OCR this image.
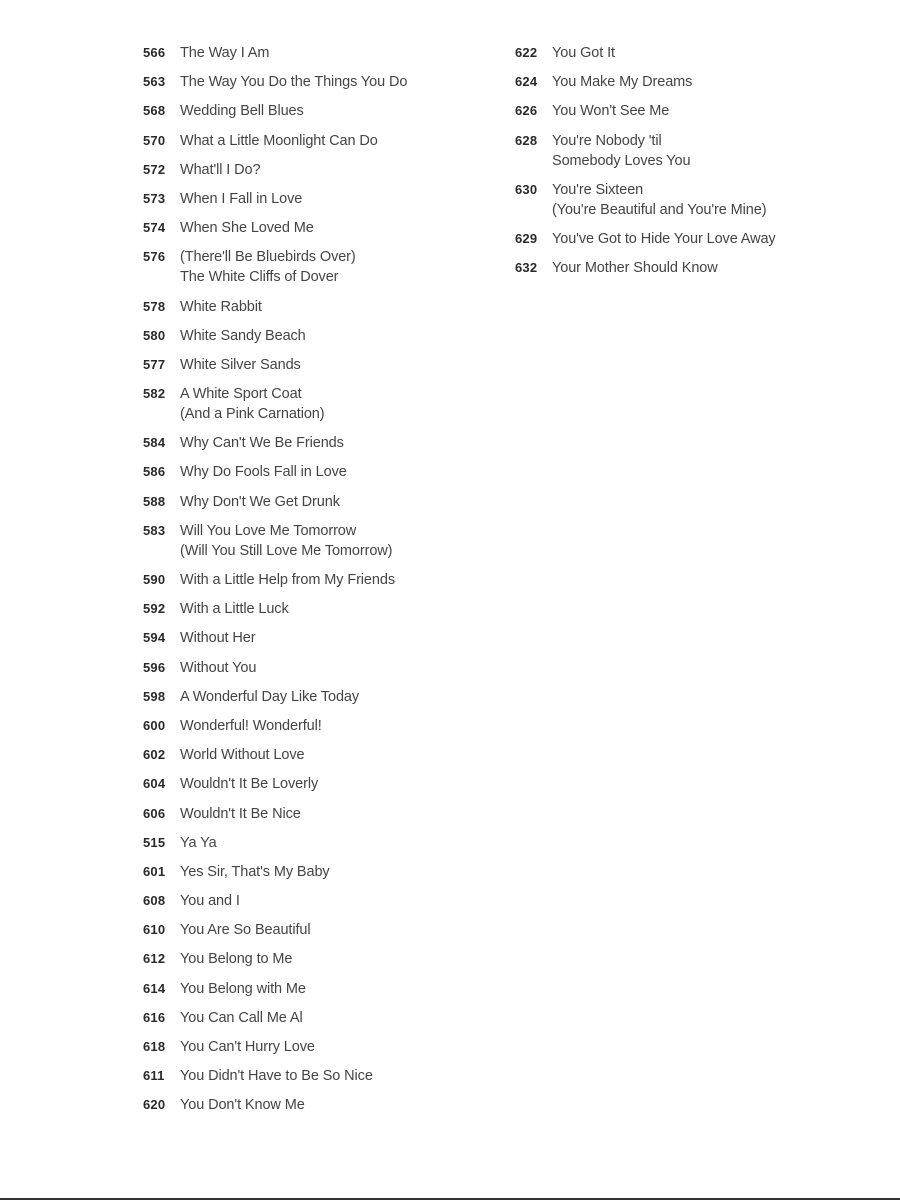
566	The Way I Am
563	The Way You Do the Things You Do
568	Wedding Bell Blues
570	What a Little Moonlight Can Do
572	What'll I Do?
573	When I Fall in Love
574	When She Loved Me
576	(There'll Be Bluebirds Over)
The White Cliffs of Dover
578	White Rabbit
580	White Sandy Beach
577	White Silver Sands
582	A White Sport Coat
(And a Pink Carnation)
584	Why Can't We Be Friends
586	Why Do Fools Fall in Love
588	Why Don't We Get Drunk
583	Will You Love Me Tomorrow
(Will You Still Love Me Tomorrow)
590	With a Little Help from My Friends
592	With a Little Luck
594	Without Her
596	Without You
598	A Wonderful Day Like Today
600	Wonderful! Wonderful!
602	World Without Love
604	Wouldn't It Be Loverly
606	Wouldn't It Be Nice
515	Ya Ya
601	Yes Sir, That's My Baby
608	You and I
610	You Are So Beautiful
612	You Belong to Me
614	You Belong with Me
616	You Can Call Me Al
618	You Can't Hurry Love
611	You Didn't Have to Be So Nice
620	You Don't Know Me
622	You Got It
624	You Make My Dreams
626	You Won't See Me
628	You're Nobody 'til
Somebody Loves You
630	You're Sixteen
(You're Beautiful and You're Mine)
629	You've Got to Hide Your Love Away
632	Your Mother Should Know
